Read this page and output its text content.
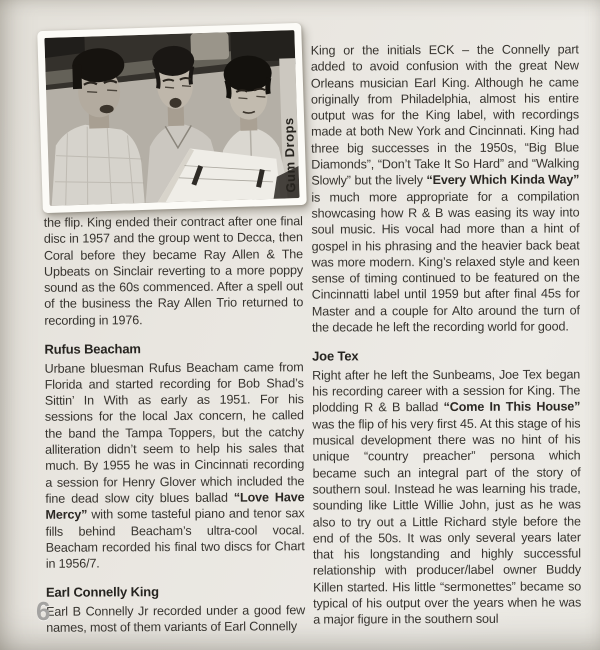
Gum Drops

the flip. King ended their contract after one final disc in 1957 and the group went to Decca, then Coral before they became Ray Allen & The Upbeats on Sinclair reverting to a more poppy sound as the 60s commenced. After a spell out of the business the Ray Allen Trio returned to recording in 1976.

Rufus Beacham

Urbane bluesman Rufus Beacham came from Florida and started recording for Bob Shad’s Sittin’ In With as early as 1951. For his sessions for the local Jax concern, he called the band the Tampa Toppers, but the catchy alliteration didn’t seem to help his sales that much. By 1955 he was in Cincinnati recording a session for Henry Glover which included the fine dead slow city blues ballad “Love Have Mercy” with some tasteful piano and tenor sax fills behind Beacham’s ultra-cool vocal. Beacham recorded his final two discs for Chart in 1956/7.

Earl Connelly King

Earl B Connelly Jr recorded under a good few names, most of them variants of Earl Connelly

King or the initials ECK – the Connelly part added to avoid confusion with the great New Orleans musician Earl King. Although he came originally from Philadelphia, almost his entire output was for the King label, with recordings made at both New York and Cincinnati. King had three big successes in the 1950s, “Big Blue Diamonds”, “Don’t Take It So Hard” and “Walking Slowly” but the lively “Every Which Kinda Way” is much more appropriate for a compilation showcasing how R & B was easing its way into soul music. His vocal had more than a hint of gospel in his phrasing and the heavier back beat was more modern. King’s relaxed style and keen sense of timing continued to be featured on the Cincinnatti label until 1959 but after final 45s for Master and a couple for Alto around the turn of the decade he left the recording world for good.

Joe Tex

Right after he left the Sunbeams, Joe Tex began his recording career with a session for King. The plodding R & B ballad “Come In This House” was the flip of his very first 45. At this stage of his musical development there was no hint of his unique “country preacher” persona which became such an integral part of the story of southern soul. Instead he was learning his trade, sounding like Little Willie John, just as he was also to try out a Little Richard style before the end of the 50s. It was only several years later that his longstanding and highly successful relationship with producer/label owner Buddy Killen started. His little “sermonettes” became so typical of his output over the years when he was a major figure in the southern soul

6
